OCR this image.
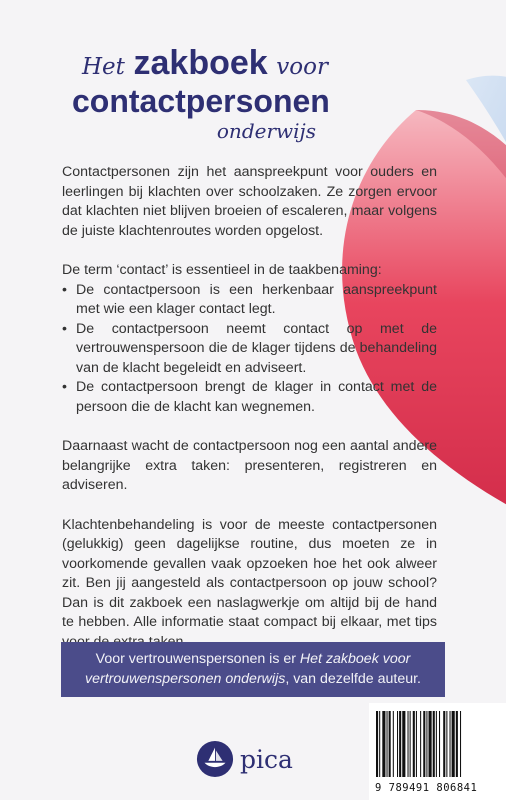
Het zakboek voor
contactpersonen
onderwijs

Contactpersonen zijn het aanspreekpunt voor ouders en leerlingen bij klachten over schoolzaken. Ze zorgen ervoor dat klachten niet blijven broeien of escaleren, maar volgens de juiste klachtenroutes worden opgelost.

De term ‘contact’ is essentieel in de taakbenaming:
• De contactpersoon is een herkenbaar aanspreekpunt met wie een klager contact legt.
• De contactpersoon neemt contact op met de vertrouwenspersoon die de klager tijdens de behandeling van de klacht begeleidt en adviseert.
• De contactpersoon brengt de klager in contact met de persoon die de klacht kan wegnemen.

Daarnaast wacht de contactpersoon nog een aantal andere belangrijke extra taken: presenteren, registreren en adviseren.

Klachtenbehandeling is voor de meeste contactpersonen (gelukkig) geen dagelijkse routine, dus moeten ze in voorkomende gevallen vaak opzoeken hoe het ook alweer zit. Ben jij aangesteld als contactpersoon op jouw school? Dan is dit zakboek een naslagwerkje om altijd bij de hand te hebben. Alle informatie staat compact bij elkaar, met tips

Voor vertrouwenspersonen is er Het zakboek voor vertrouwenspersonen onderwijs, van dezelfde auteur.
pica
9 789491 806841
